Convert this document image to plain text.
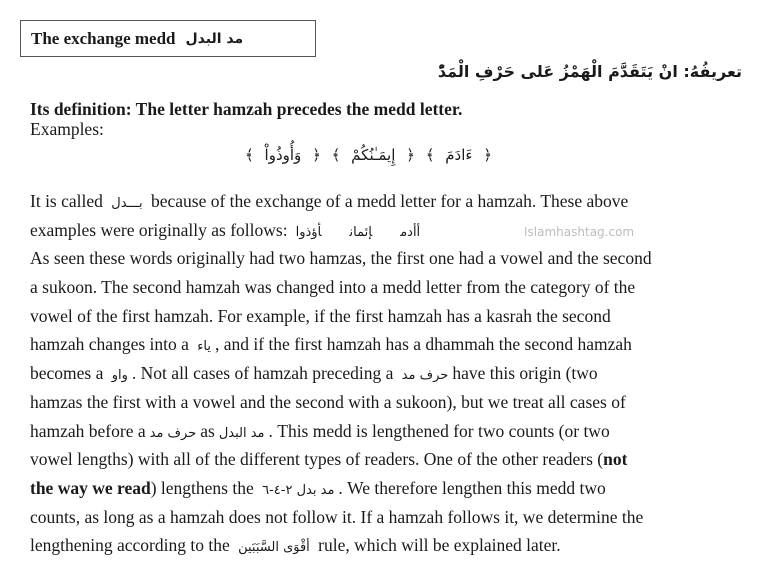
The exchange medd مد البدل
تعريفُهُ: انْ يَتَقَدَّمَ الْهَمْزُ عَلى حَرْفِ الْمَدّْ
Its definition: The letter hamzah precedes the medd letter.
Examples:
﴿ ءَادَمَ ﴾ ﴿ إِيمَـٰنُكُمْ ﴾ ﴿ وَأُوذُواْ ﴾
Islamhashtag.com
It is called بـــدل because of the exchange of a medd letter for a hamzah. These above
examples were originally as follows:	أأدمإئمانأؤذوا
As seen these words originally had two hamzas, the first one had a vowel and the second
a sukoon. The second hamzah was changed into a medd letter from the category of the
vowel of the first hamzah. For example, if the first hamzah has a kasrah the second
hamzah changes into a ياء , and if the first hamzah has a dhammah the second hamzah
becomes a واو . Not all cases of hamzah preceding a حرف مد have this origin (two
hamzas the first with a vowel and the second with a sukoon), but we treat all cases of
hamzah before a حرف مد as مد البدل . This medd is lengthened for two counts (or two
vowel lengths) with all of the different types of readers. One of the other readers (not
the way we read) lengthens the مد بدل ٢-٤-٦ . We therefore lengthen this medd two
counts, as long as a hamzah does not follow it. If a hamzah follows it, we determine the
lengthening according to the أقْوَى السَّبَبَين rule, which will be explained later.
